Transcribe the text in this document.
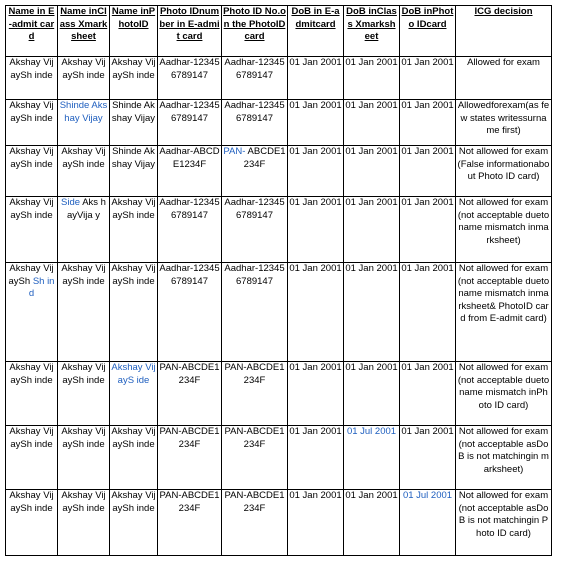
Name in E-admit card	Name inClass Xmarksheet	Name inPhotoID	Photo IDnumber in E-admit card	Photo ID No.on the PhotoID card	DoB in E-admitcard	DoB inClass Xmarksheet	DoB inPhoto IDcard	ICG decision
Akshay VijaySh inde	Akshay VijaySh inde	Akshay VijaySh inde	Aadhar-123456789147	Aadhar-123456789147	01 Jan 2001	01 Jan 2001	01 Jan 2001	Allowed for exam
Akshay VijaySh inde	Shinde Akshay Vijay	Shinde Akshay Vijay	Aadhar-123456789147	Aadhar-123456789147	01 Jan 2001	01 Jan 2001	01 Jan 2001	Allowedforexam(as few states writessurname first)
Akshay VijaySh inde	Akshay VijaySh inde	Shinde Akshay Vijay	Aadhar-ABCDE1234F	PAN- ABCDE1234F	01 Jan 2001	01 Jan 2001	01 Jan 2001	Not allowed for exam(False informationabout Photo ID card)
Akshay VijaySh inde	Side Aks hayVija y	Akshay VijaySh inde	Aadhar-123456789147	Aadhar-123456789147	01 Jan 2001	01 Jan 2001	01 Jan 2001	Not allowed for exam(not acceptable dueto name mismatch inmarksheet)
Akshay VijaySh Sh ind	Akshay VijaySh inde	Akshay VijaySh inde	Aadhar-123456789147	Aadhar-123456789147	01 Jan 2001	01 Jan 2001	01 Jan 2001	Not allowed for exam(not acceptable dueto name mismatch inmarksheet& PhotoID card from E-admit card)
Akshay VijaySh inde	Akshay VijaySh inde	Akshay VijayS ide	PAN-ABCDE1234F	PAN-ABCDE1234F	01 Jan 2001	01 Jan 2001	01 Jan 2001	Not allowed for exam(not acceptable dueto name mismatch inPhoto ID card)
Akshay VijaySh inde	Akshay VijaySh inde	Akshay VijaySh inde	PAN-ABCDE1234F	PAN-ABCDE1234F	01 Jan 2001	01 Jul 2001	01 Jan 2001	Not allowed for exam(not acceptable asDoB is not matchingin marksheet)
Akshay VijaySh inde	Akshay VijaySh inde	Akshay VijaySh inde	PAN-ABCDE1234F	PAN-ABCDE1234F	01 Jan 2001	01 Jan 2001	01 Jul 2001	Not allowed for exam(not acceptable asDoB is not matchingin Photo ID card)
